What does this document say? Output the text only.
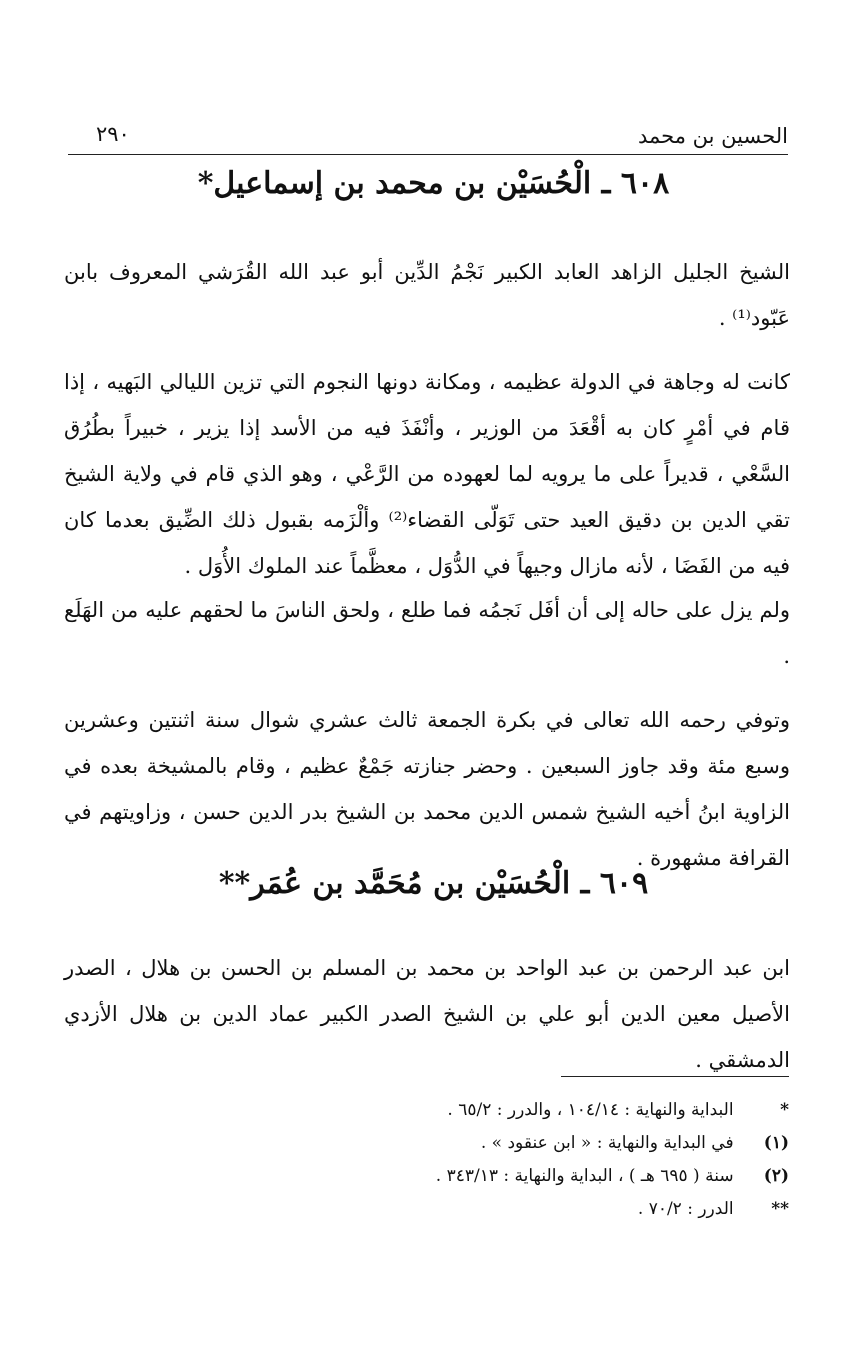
الحسين بن محمد
٢٩٠
٦٠٨ ـ الْحُسَيْن بن محمد بن إسماعيل*

الشيخ الجليل الزاهد العابد الكبير نَجْمُ الدِّين أبو عبد الله القُرَشي المعروف بابن عَبّود⁽¹⁾ .

كانت له وجاهة في الدولة عظيمه ، ومكانة دونها النجوم التي تزين الليالي البَهيه ، إذا قام في أمْرٍ كان به أقْعَدَ من الوزير ، وأنْفَذَ فيه من الأسد إذا يزير ، خبيراً بطُرُق السَّعْي ، قديراً على ما يرويه لما لعهوده من الرَّعْي ، وهو الذي قام في ولاية الشيخ تقي الدين بن دقيق العيد حتى تَوَلّى القضاء⁽²⁾ وألْزَمه بقبول ذلك الضِّيق بعدما كان فيه من الفَضَا ، لأنه مازال وجيهاً في الدُّوَل ، معظَّماً عند الملوك الأُوَل .

ولم يزل على حاله إلى أن أفَل نَجمُه فما طلع ، ولحق الناسَ ما لحقهم عليه من الهَلَع .

وتوفي رحمه الله تعالى في بكرة الجمعة ثالث عشري شوال سنة اثنتين وعشرين وسبع مئة وقد جاوز السبعين . وحضر جنازته جَمْعٌ عظيم ، وقام بالمشيخة بعده في الزاوية ابنُ أخيه الشيخ شمس الدين محمد بن الشيخ بدر الدين حسن ، وزاويتهم في القرافة مشهورة .

٦٠٩ ـ الْحُسَيْن بن مُحَمَّد بن عُمَر**

ابن عبد الرحمن بن عبد الواحد بن محمد بن المسلم بن الحسن بن هلال ، الصدر الأصيل معين الدين أبو علي بن الشيخ الصدر الكبير عماد الدين بن هلال الأزدي الدمشقي .

* البداية والنهاية : ١٠٤/١٤ ، والدرر : ٦٥/٢ .
(١) في البداية والنهاية : « ابن عنقود » .
(٢) سنة ( ٦٩٥ هـ ) ، البداية والنهاية : ٣٤٣/١٣ .
** الدرر : ٧٠/٢ .
